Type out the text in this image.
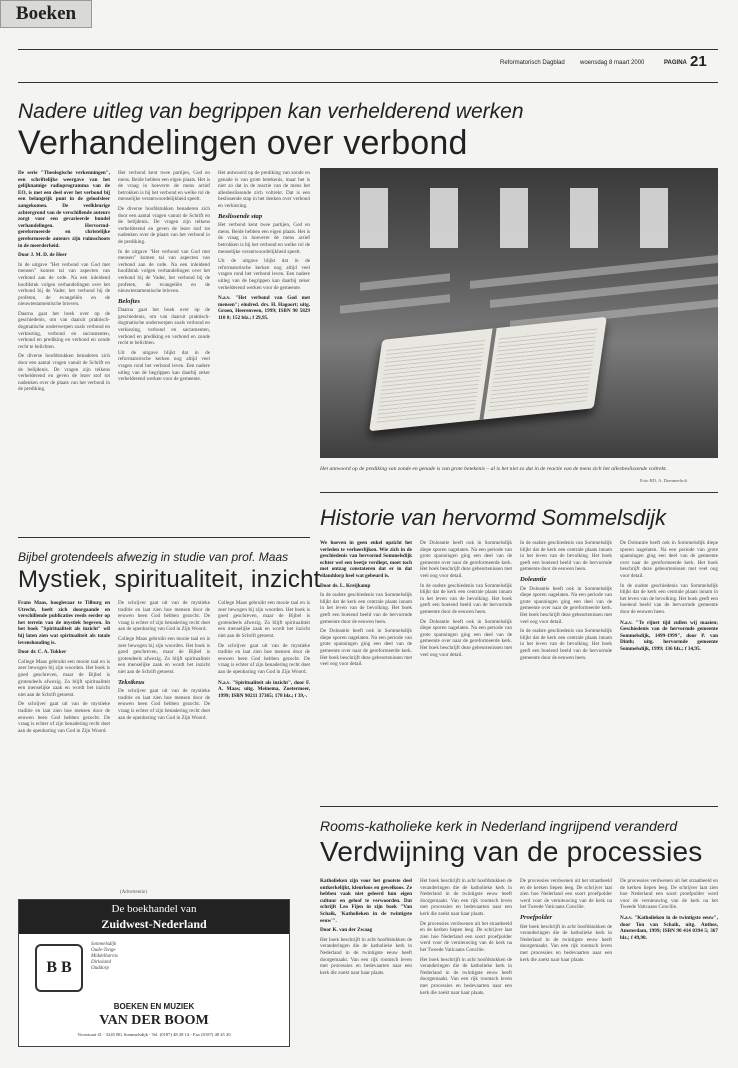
Boeken
Reformatorisch Dagblad	woensdag 8 maart 2000	PAGINA 21
Nadere uitleg van begrippen kan verhelderend werken
Verhandelingen over verbond

De serie "Theologische verkenningen", een schriftelijke weergave van het gelijknamige radioprogramma van de EO, is met een deel over het verbond bij een belangrijk punt in de geloofsleer aangekomen. De veelkleurige achtergrond van de verschillende auteurs zorgt voor een gevarieerde bundel verhandelingen. Hervormd-gereformeerde en christelijke gereformeerde auteurs zijn ruimschoots in de meerderheid.

Door J. M. D. de Heer

In de uitgave "Het verbond van God met mensen" komen tal van aspecten van verbond aan de orde. Na een inleidend hoofdstuk volgen verhandelingen over het verbond bij de Vader, het verbond bij de profeten, de evangeliën en de nieuwtestamentische brieven.

Daarna gaat het boek over op de geschiedenis, om van daaruit praktisch-dogmatische onderwerpen zoals verbond en verkiezing, verbond en sacramenten, verbond en prediking en verbond en zonde recht te belichten.

De diverse hoofdstukken benaderen zich door een aantal vragen vanuit de Schrift en de belijdenis. De vragen zijn telkens verhelderend en geven de lezer stof tot nadenken over de plaats van het verbond in de prediking.

Het verbond kent twee partijen, God en mens. Beide hebben een eigen plaats. Het is de vraag in hoeverre de mens actief betrokken is bij het verbond en welke rol de menselijke verantwoordelijkheid speelt.

De diverse hoofdstukken benaderen zich door een aantal vragen vanuit de Schrift en de belijdenis. De vragen zijn telkens verhelderend en geven de lezer stof tot nadenken over de plaats van het verbond in de prediking.

In de uitgave "Het verbond van God met mensen" komen tal van aspecten van verbond aan de orde. Na een inleidend hoofdstuk volgen verhandelingen over het verbond bij de Vader, het verbond bij de profeten, de evangeliën en de nieuwtestamentische brieven.

Beloftes

Daarna gaat het boek over op de geschiedenis, om van daaruit praktisch-dogmatische onderwerpen zoals verbond en verkiezing, verbond en sacramenten, verbond en prediking en verbond en zonde recht te belichten.

Uit de uitgave blijkt dat in de reformatorische kerken nog altijd veel vragen rond het verbond leven. Een nadere uitleg van de begrippen kan daarbij zeker verhelderend werken voor de gemeente.

Het antwoord op de prediking van zonde en genade is van grote betekenis, maar het is niet zo dat in de reactie van de mens het allesbeslissende zich voltrekt. Dat is een beslissende stap in het denken over verbond en verkiezing.

Beslissende stap

Het verbond kent twee partijen, God en mens. Beide hebben een eigen plaats. Het is de vraag in hoeverre de mens actief betrokken is bij het verbond en welke rol de menselijke verantwoordelijkheid speelt.

Uit de uitgave blijkt dat in de reformatorische kerken nog altijd veel vragen rond het verbond leven. Een nadere uitleg van de begrippen kan daarbij zeker verhelderend werken voor de gemeente.

N.a.v. "Het verbond van God met mensen"; eindred. drs. H. Hagoort; uitg. Groen, Heerenveen, 1999; ISBN 90 5829 110 0; 152 blz.; f 29,95.

Het antwoord op de prediking van zonde en genade is van grote betekenis – al is het niet zo dat in de reactie van de mens zich het allesbeslissende voltrekt.
Foto RD, A. Dommerholt
Bijbel grotendeels afwezig in studie van prof. Maas
Mystiek, spiritualiteit, inzicht

Frans Maas, hoogleraar te Tilburg en Utrecht, heeft zich doorgaande en verschillende publicaties reeds eerder op het terrein van de mystiek begeven. In het boek "Spiritualiteit als inzicht" wil hij laten zien wat spiritualiteit als totale levenshouding is.

Door dr. C. A. Tukker

College Maas gebruikt een mooie taal en is zeer bewogen bij zijn woorden. Het boek is goed geschreven, maar de Bijbel is grotendeels afwezig. Zo blijft spiritualiteit een menselijke zaak en wordt het inzicht niet aan de Schrift getoetst.

De schrijver gaat uit van de mystieke traditie en laat zien hoe mensen door de eeuwen heen God hebben gezocht. De vraag is echter of zijn benadering recht doet aan de openbaring van God in Zijn Woord.

De schrijver gaat uit van de mystieke traditie en laat zien hoe mensen door de eeuwen heen God hebben gezocht. De vraag is echter of zijn benadering recht doet aan de openbaring van God in Zijn Woord.

College Maas gebruikt een mooie taal en is zeer bewogen bij zijn woorden. Het boek is goed geschreven, maar de Bijbel is grotendeels afwezig. Zo blijft spiritualiteit een menselijke zaak en wordt het inzicht niet aan de Schrift getoetst.

Tekstkeus

De schrijver gaat uit van de mystieke traditie en laat zien hoe mensen door de eeuwen heen God hebben gezocht. De vraag is echter of zijn benadering recht doet aan de openbaring van God in Zijn Woord.

College Maas gebruikt een mooie taal en is zeer bewogen bij zijn woorden. Het boek is goed geschreven, maar de Bijbel is grotendeels afwezig. Zo blijft spiritualiteit een menselijke zaak en wordt het inzicht niet aan de Schrift getoetst.

De schrijver gaat uit van de mystieke traditie en laat zien hoe mensen door de eeuwen heen God hebben gezocht. De vraag is echter of zijn benadering recht doet aan de openbaring van God in Zijn Woord.

N.a.v. "Spiritualiteit als inzicht", door F. A. Maas; uitg. Meinema, Zoetermeer, 1999; ISBN 90211 37365; 178 blz.; f 39,-.

(Advertentie)
De boekhandel van
Zuidwest-Nederland
B B
Sommelsdijk
Oude-Tonge
Middelharnis
Dirksland
Ouddorp
BOEKEN EN MUZIEK
VAN DER BOOM
Voorstraat 41 - 3245 BG Sommelsdijk - Tel. (0187) 48 28 14 - Fax (0187) 48 45 20
Historie van hervormd Sommelsdijk

We hoeven in geen enkel opzicht het verleden te verheerlijken. Wie zich in de geschiedenis van hervormd Sommelsdijk echter wel een beetje verdiept, moet toch met ontzag constateren dat er in dat eilanddorp heel wat gebeurd is.

Door ds. L. Kreijkamp

In de oudste geschiedenis van Sommelsdijk blijkt dat de kerk een centrale plaats innam in het leven van de bevolking. Het boek geeft een boeiend beeld van de hervormde gemeente door de eeuwen heen.

De Doleantie heeft ook in Sommelsdijk diepe sporen nagelaten. Na een periode van grote spanningen ging een deel van de gemeente over naar de gereformeerde kerk. Het boek beschrijft deze gebeurtenissen met veel oog voor detail.

De Doleantie heeft ook in Sommelsdijk diepe sporen nagelaten. Na een periode van grote spanningen ging een deel van de gemeente over naar de gereformeerde kerk. Het boek beschrijft deze gebeurtenissen met veel oog voor detail.

In de oudste geschiedenis van Sommelsdijk blijkt dat de kerk een centrale plaats innam in het leven van de bevolking. Het boek geeft een boeiend beeld van de hervormde gemeente door de eeuwen heen.

De Doleantie heeft ook in Sommelsdijk diepe sporen nagelaten. Na een periode van grote spanningen ging een deel van de gemeente over naar de gereformeerde kerk. Het boek beschrijft deze gebeurtenissen met veel oog voor detail.

In de oudste geschiedenis van Sommelsdijk blijkt dat de kerk een centrale plaats innam in het leven van de bevolking. Het boek geeft een boeiend beeld van de hervormde gemeente door de eeuwen heen.

Doleantie

De Doleantie heeft ook in Sommelsdijk diepe sporen nagelaten. Na een periode van grote spanningen ging een deel van de gemeente over naar de gereformeerde kerk. Het boek beschrijft deze gebeurtenissen met veel oog voor detail.

In de oudste geschiedenis van Sommelsdijk blijkt dat de kerk een centrale plaats innam in het leven van de bevolking. Het boek geeft een boeiend beeld van de hervormde gemeente door de eeuwen heen.

De Doleantie heeft ook in Sommelsdijk diepe sporen nagelaten. Na een periode van grote spanningen ging een deel van de gemeente over naar de gereformeerde kerk. Het boek beschrijft deze gebeurtenissen met veel oog voor detail.

In de oudste geschiedenis van Sommelsdijk blijkt dat de kerk een centrale plaats innam in het leven van de bevolking. Het boek geeft een boeiend beeld van de hervormde gemeente door de eeuwen heen.

N.a.v. "Te rijnet tijd zullen wij maaien; Geschiedenis van de hervormde gemeente Sommelsdijk, 1499-1999", door P. van Dinth; uitg. hervormde gemeente Sommelsdijk, 1999; 136 blz.; f 34,95.

Rooms-katholieke kerk in Nederland ingrijpend veranderd
Verdwijning van de processies

Katholieken zijn voor het grootste deel ontkerkelijkt, kleurloos en gewelkoos. Ze hebben vaak niet geleerd hun eigen cultuur en geloof te verwoorden. Dat schrijft Leo Fijen in zijn boek "Van Schaik, 'Katholieken in de twintigste eeuw'".

Door K. van der Zwaag

Het boek beschrijft in acht hoofdstukken de veranderingen die de katholieke kerk in Nederland in de twintigste eeuw heeft doorgemaakt. Van een rijk roomsch leven met processies en bedevaarten naar een kerk die zoekt naar haar plaats.

Het boek beschrijft in acht hoofdstukken de veranderingen die de katholieke kerk in Nederland in de twintigste eeuw heeft doorgemaakt. Van een rijk roomsch leven met processies en bedevaarten naar een kerk die zoekt naar haar plaats.

De processies verdwenen uit het straatbeeld en de kerken liepen leeg. De schrijver laat zien hoe Nederland een soort proefpolder werd voor de vernieuwing van de kerk na het Tweede Vaticaans Concilie.

Het boek beschrijft in acht hoofdstukken de veranderingen die de katholieke kerk in Nederland in de twintigste eeuw heeft doorgemaakt. Van een rijk roomsch leven met processies en bedevaarten naar een kerk die zoekt naar haar plaats.

De processies verdwenen uit het straatbeeld en de kerken liepen leeg. De schrijver laat zien hoe Nederland een soort proefpolder werd voor de vernieuwing van de kerk na het Tweede Vaticaans Concilie.

Proefpolder

Het boek beschrijft in acht hoofdstukken de veranderingen die de katholieke kerk in Nederland in de twintigste eeuw heeft doorgemaakt. Van een rijk roomsch leven met processies en bedevaarten naar een kerk die zoekt naar haar plaats.

De processies verdwenen uit het straatbeeld en de kerken liepen leeg. De schrijver laat zien hoe Nederland een soort proefpolder werd voor de vernieuwing van de kerk na het Tweede Vaticaans Concilie.

N.a.v. "Katholieken in de twintigste eeuw", door Ton van Schaik, uitg. Anthos, Amsterdam, 1999; ISBN 90 414 0394 5; 367 blz.; f 49,90.
